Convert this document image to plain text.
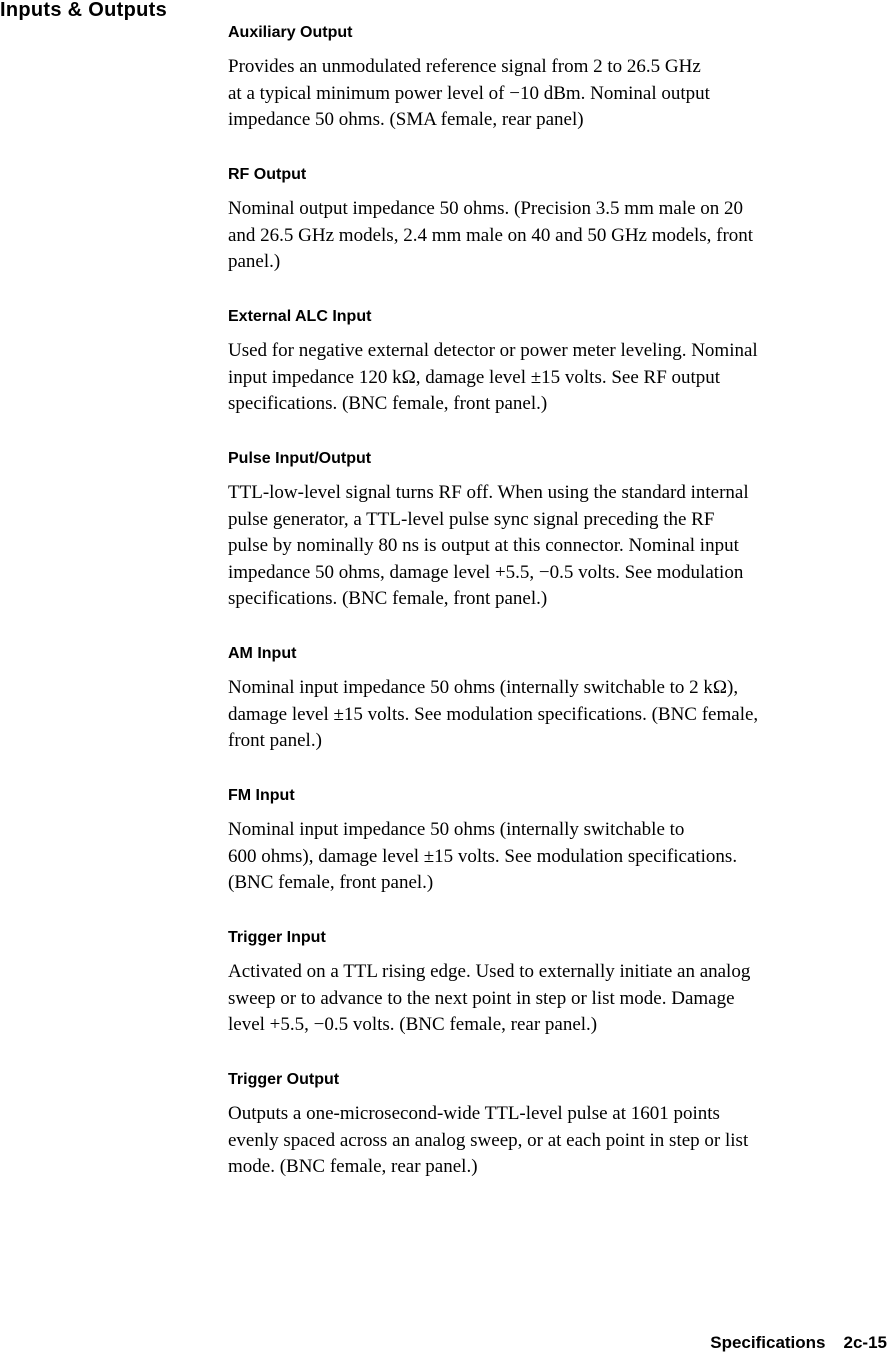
Inputs & Outputs
Auxiliary Output

Provides an unmodulated reference signal from 2 to 26.5 GHz
at a typical minimum power level of −10 dBm. Nominal output
impedance 50 ohms. (SMA female, rear panel)

RF Output

Nominal output impedance 50 ohms. (Precision 3.5 mm male on 20
and 26.5 GHz models, 2.4 mm male on 40 and 50 GHz models, front
panel.)

External ALC Input

Used for negative external detector or power meter leveling. Nominal
input impedance 120 kΩ, damage level ±15 volts. See RF output
specifications. (BNC female, front panel.)

Pulse Input/Output

TTL-low-level signal turns RF off. When using the standard internal
pulse generator, a TTL-level pulse sync signal preceding the RF
pulse by nominally 80 ns is output at this connector. Nominal input
impedance 50 ohms, damage level +5.5, −0.5 volts. See modulation
specifications. (BNC female, front panel.)

AM Input

Nominal input impedance 50 ohms (internally switchable to 2 kΩ),
damage level ±15 volts. See modulation specifications. (BNC female,
front panel.)

FM Input

Nominal input impedance 50 ohms (internally switchable to
600 ohms), damage level ±15 volts. See modulation specifications.
(BNC female, front panel.)

Trigger Input

Activated on a TTL rising edge. Used to externally initiate an analog
sweep or to advance to the next point in step or list mode. Damage
level +5.5, −0.5 volts. (BNC female, rear panel.)

Trigger Output

Outputs a one-microsecond-wide TTL-level pulse at 1601 points
evenly spaced across an analog sweep, or at each point in step or list
mode. (BNC female, rear panel.)

Specifications 2c-15
